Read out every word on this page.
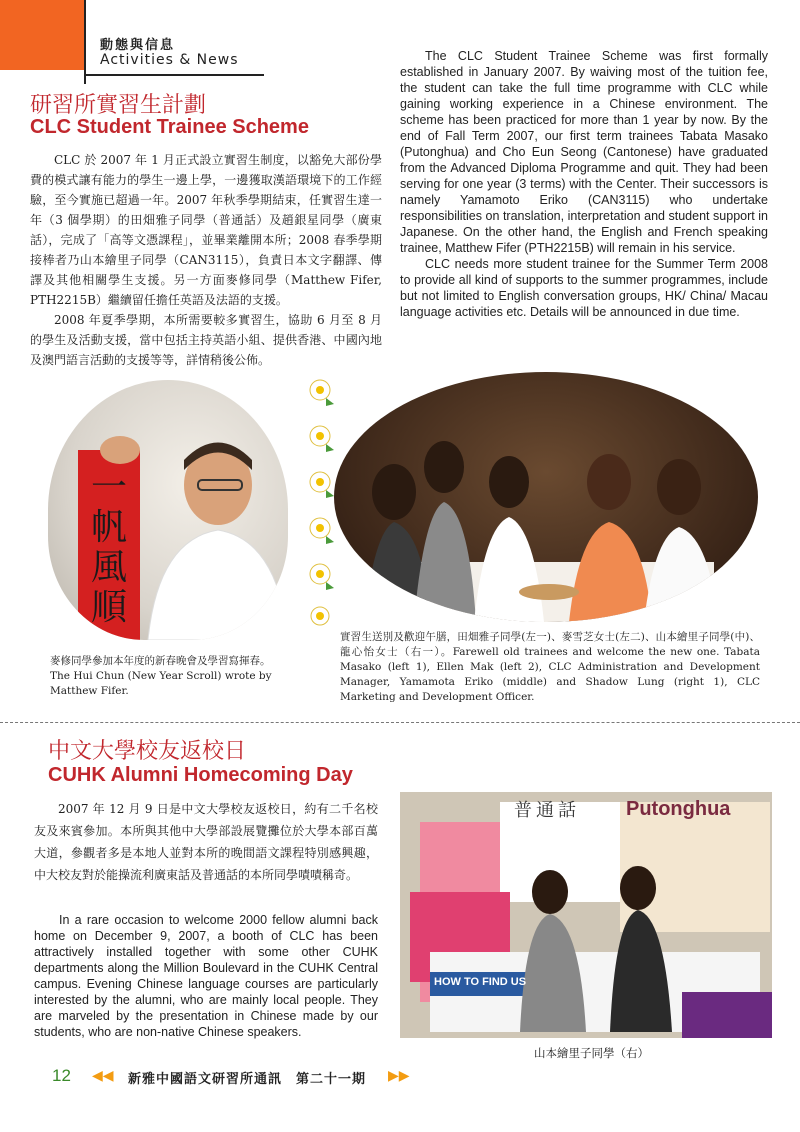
動態與信息
Activities & News
研習所實習生計劃
CLC Student Trainee Scheme

CLC 於 2007 年 1 月正式設立實習生制度，以豁免大部份學費的模式讓有能力的學生一邊上學，一邊獲取漢語環境下的工作經驗，至今實施已超過一年。2007 年秋季學期結束，任實習生達一年（3 個學期）的田畑雅子同學（普通話）及趙銀星同學（廣東話），完成了「高等文憑課程」，並畢業離開本所；2008 春季學期接棒者乃山本繪里子同學（CAN3115），負責日本文字翻譯、傳譯及其他相關學生支援。另一方面麥修同學（Matthew Fifer, PTH2215B）繼續留任擔任英語及法語的支援。

2008 年夏季學期，本所需要較多實習生，協助 6 月至 8 月的學生及活動支援，當中包括主持英語小組、提供香港、中國內地及澳門語言活動的支援等等，詳情稍後公佈。

The CLC Student Trainee Scheme was first formally established in January 2007. By waiving most of the tuition fee, the student can take the full time programme with CLC while gaining working experience in a Chinese environment. The scheme has been practiced for more than 1 year by now. By the end of Fall Term 2007, our first term trainees Tabata Masako (Putonghua) and Cho Eun Seong (Cantonese) have graduated from the Advanced Diploma Programme and quit. They had been serving for one year (3 terms) with the Center. Their successors is namely Yamamoto Eriko (CAN3115) who undertake responsibilities on translation, interpretation and student support in Japanese. On the other hand, the English and French speaking trainee, Matthew Fifer (PTH2215B) will remain in his service.

CLC needs more student trainee for the Summer Term 2008 to provide all kind of supports to the summer programmes, include but not limited to English conversation groups, HK/ China/ Macau language activities etc. Details will be announced in due time.

一帆風順
麥修同學參加本年度的新春晚會及學習寫揮春。
The Hui Chun (New Year Scroll) wrote by Matthew Fifer.
實習生送別及歡迎午膳，田畑雅子同學(左一)、麥雪芝女士(左二)、山本繪里子同學(中)、龍心怡女士（右一）。Farewell old trainees and welcome the new one. Tabata Masako (left 1), Ellen Mak (left 2), CLC Administration and Development Manager, Yamamota Eriko (middle) and Shadow Lung (right 1), CLC Marketing and Development Officer.
中文大學校友返校日
CUHK Alumni Homecoming Day

2007 年 12 月 9 日是中文大學校友返校日，約有二千名校友及來賓參加。本所與其他中大學部設展覽攤位於大學本部百萬大道，參觀者多是本地人並對本所的晚間語文課程特別感興趣，中大校友對於能操流利廣東話及普通話的本所同學嘖嘖稱奇。

In a rare occasion to welcome 2000 fellow alumni back home on December 9, 2007, a booth of CLC has been attractively installed together with some other CUHK departments along the Million Boulevard in the CUHK Central campus. Evening Chinese language courses are particularly interested by the alumni, who are mainly local people. They are marveled by the presentation in Chinese made by our students, who are non-native Chinese speakers.

普通話 Putonghua
HOW TO FIND US
山本繪里子同學（右）
12 ◀◀ 新雅中國語文研習所通訊　第二十一期 ▶▶
